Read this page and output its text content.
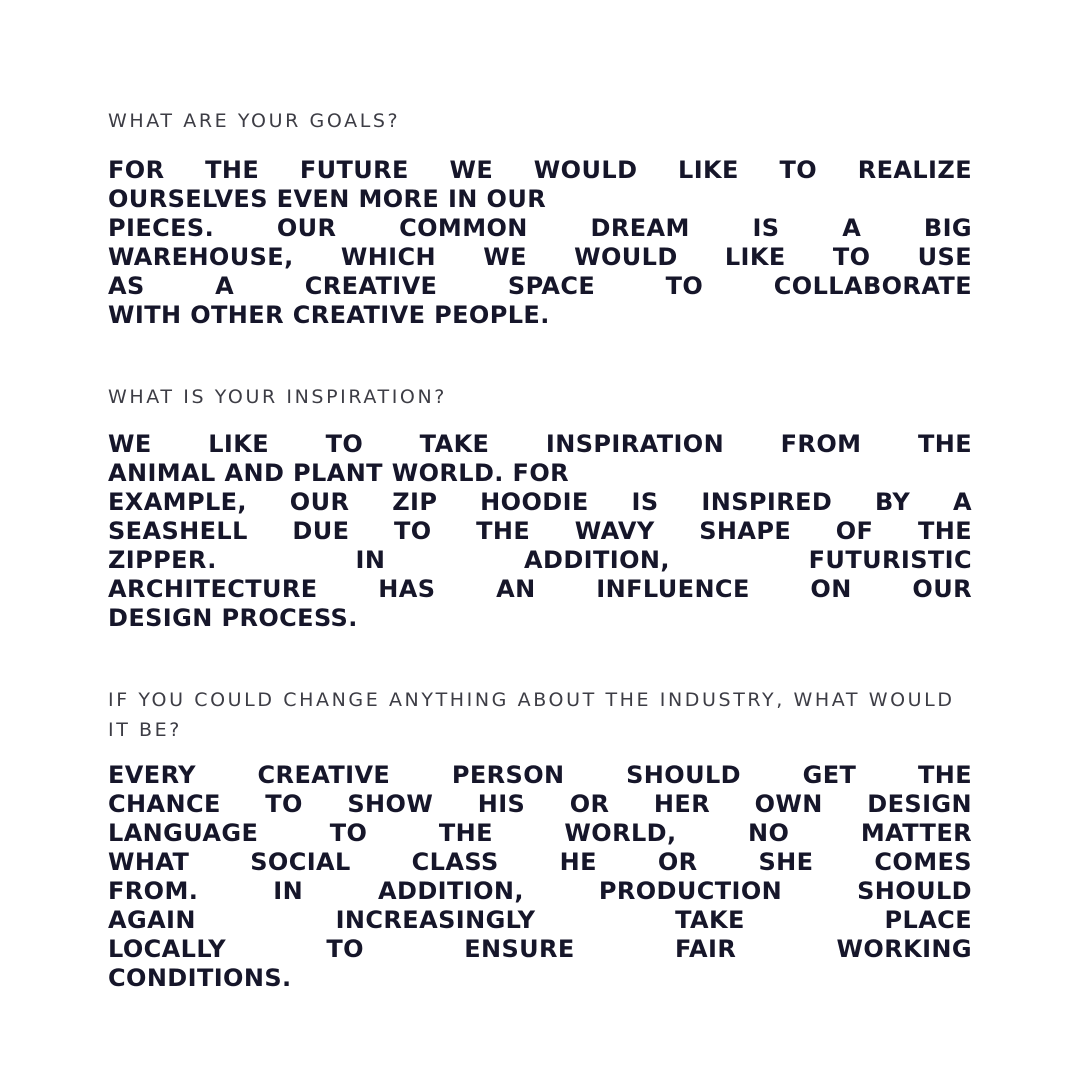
WHAT ARE YOUR GOALS?

FOR THE FUTURE WE WOULD LIKE TO REALIZE
OURSELVES EVEN MORE IN OUR
PIECES. OUR COMMON DREAM IS A BIG
WAREHOUSE, WHICH WE WOULD LIKE TO USE
AS A CREATIVE SPACE TO COLLABORATE
WITH OTHER CREATIVE PEOPLE.

WHAT IS YOUR INSPIRATION?

WE LIKE TO TAKE INSPIRATION FROM THE
ANIMAL AND PLANT WORLD. FOR
EXAMPLE, OUR ZIP HOODIE IS INSPIRED BY A
SEASHELL DUE TO THE WAVY SHAPE OF THE
ZIPPER. IN ADDITION, FUTURISTIC
ARCHITECTURE HAS AN INFLUENCE ON OUR
DESIGN PROCESS.

IF YOU COULD CHANGE ANYTHING ABOUT THE INDUSTRY, WHAT WOULD IT BE?

EVERY CREATIVE PERSON SHOULD GET THE
CHANCE TO SHOW HIS OR HER OWN DESIGN
LANGUAGE TO THE WORLD, NO MATTER
WHAT SOCIAL CLASS HE OR SHE COMES
FROM. IN ADDITION, PRODUCTION SHOULD
AGAIN INCREASINGLY TAKE PLACE
LOCALLY TO ENSURE FAIR WORKING
CONDITIONS.
